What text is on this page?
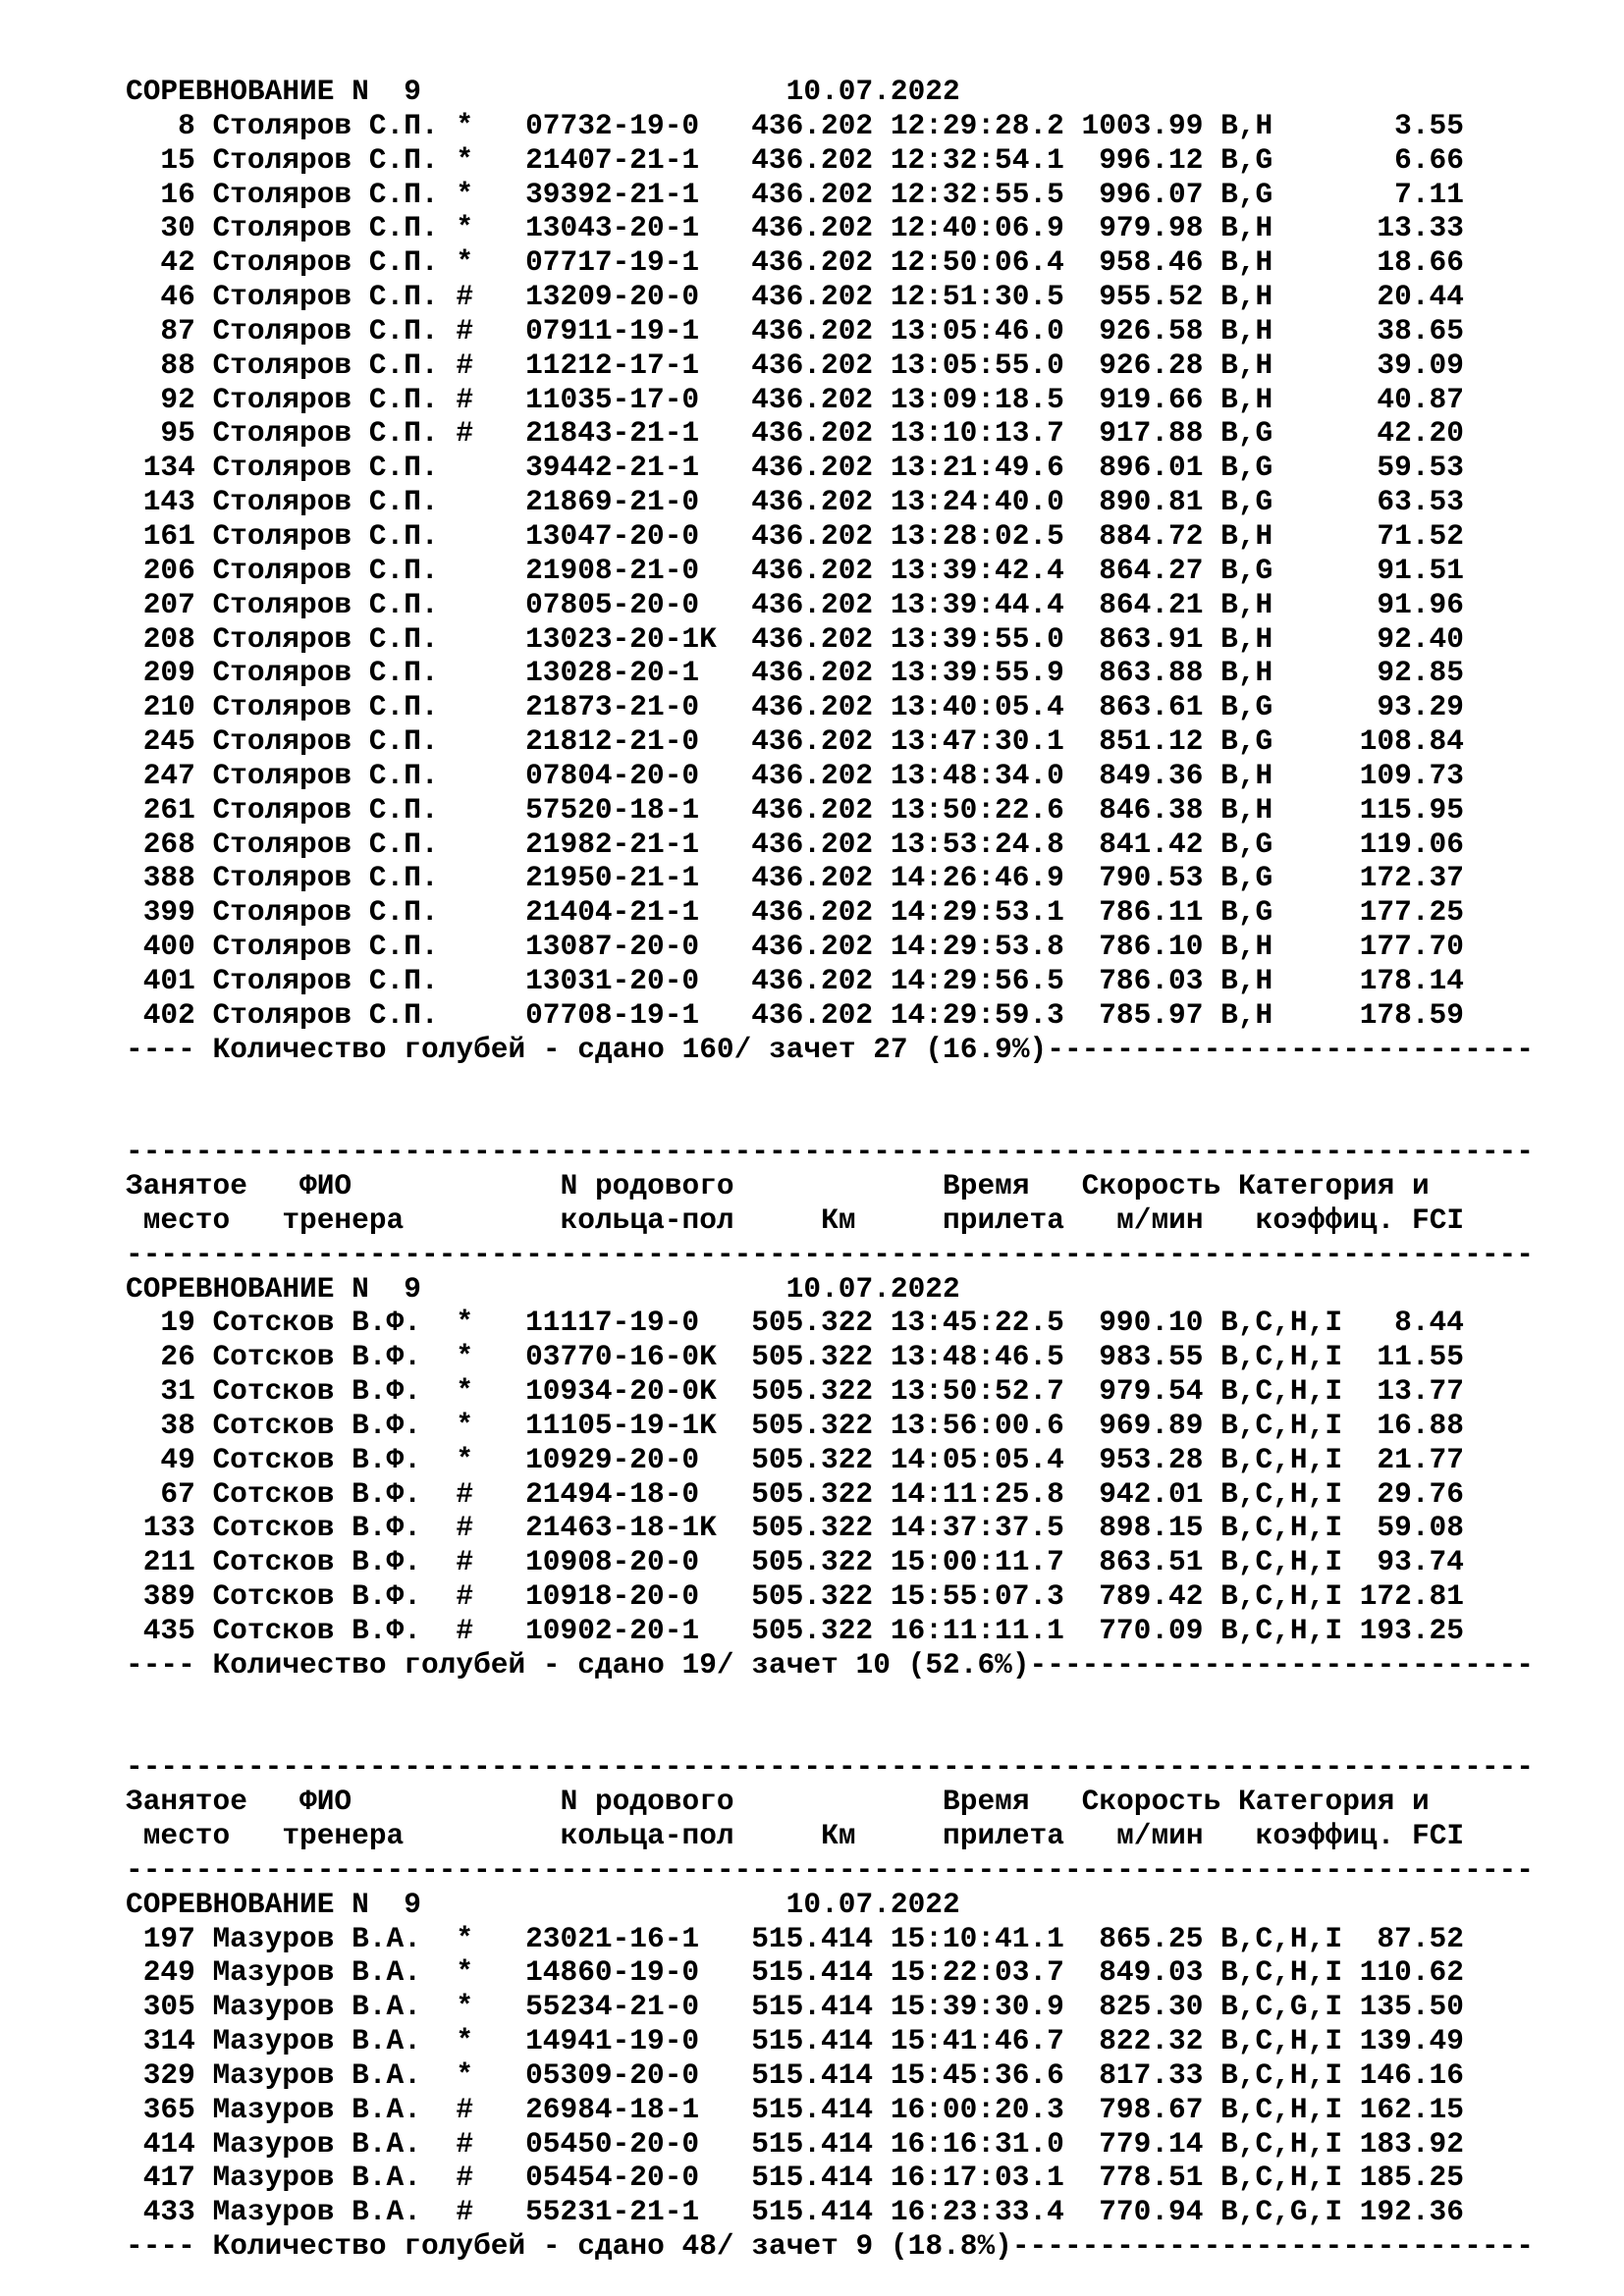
СОРЕВНОВАНИЕ N	9	10.07.2022
8 Столяров С.П. *	07732-19-0	436.202 12:29:28.2 1003.99 B,H	3.55
15 Столяров С.П. *	21407-21-1	436.202 12:32:54.1	996.12 B,G	6.66
16 Столяров С.П. *	39392-21-1	436.202 12:32:55.5	996.07 B,G	7.11
30 Столяров С.П. *	13043-20-1	436.202 12:40:06.9	979.98 B,H	13.33
42 Столяров С.П. *	07717-19-1	436.202 12:50:06.4	958.46 B,H	18.66
46 Столяров С.П. #	13209-20-0	436.202 12:51:30.5	955.52 B,H	20.44
87 Столяров С.П. #	07911-19-1	436.202 13:05:46.0	926.58 B,H	38.65
88 Столяров С.П. #	11212-17-1	436.202 13:05:55.0	926.28 B,H	39.09
92 Столяров С.П. #	11035-17-0	436.202 13:09:18.5	919.66 B,H	40.87
95 Столяров С.П. #	21843-21-1	436.202 13:10:13.7	917.88 B,G	42.20
134 Столяров С.П.	39442-21-1	436.202 13:21:49.6	896.01 B,G	59.53
143 Столяров С.П.	21869-21-0	436.202 13:24:40.0	890.81 B,G	63.53
161 Столяров С.П.	13047-20-0	436.202 13:28:02.5	884.72 B,H	71.52
206 Столяров С.П.	21908-21-0	436.202 13:39:42.4	864.27 B,G	91.51
207 Столяров С.П.	07805-20-0	436.202 13:39:44.4	864.21 B,H	91.96
208 Столяров С.П.	13023-20-1K	436.202 13:39:55.0	863.91 B,H	92.40
209 Столяров С.П.	13028-20-1	436.202 13:39:55.9	863.88 B,H	92.85
210 Столяров С.П.	21873-21-0	436.202 13:40:05.4	863.61 B,G	93.29
245 Столяров С.П.	21812-21-0	436.202 13:47:30.1	851.12 B,G	108.84
247 Столяров С.П.	07804-20-0	436.202 13:48:34.0	849.36 B,H	109.73
261 Столяров С.П.	57520-18-1	436.202 13:50:22.6	846.38 B,H	115.95
268 Столяров С.П.	21982-21-1	436.202 13:53:24.8	841.42 B,G	119.06
388 Столяров С.П.	21950-21-1	436.202 14:26:46.9	790.53 B,G	172.37
399 Столяров С.П.	21404-21-1	436.202 14:29:53.1	786.11 B,G	177.25
400 Столяров С.П.	13087-20-0	436.202 14:29:53.8	786.10 B,H	177.70
401 Столяров С.П.	13031-20-0	436.202 14:29:56.5	786.03 B,H	178.14
402 Столяров С.П.	07708-19-1	436.202 14:29:59.3	785.97 B,H	178.59
---- Количество голубей - сдано 160/ зачет 27 (16.9%)----------------------------
---------------------------------------------------------------------------------
Занятое   ФИО            N родового            Время   Скорость Категория и
место   тренера         кольца-пол     Км     прилета   м/мин   коэффиц. FCI
---------------------------------------------------------------------------------
СОРЕВНОВАНИЕ N	9	10.07.2022
19 Сотсков В.Ф.	*	11117-19-0	505.322 13:45:22.5	990.10 B,C,H,I	8.44
26 Сотсков В.Ф.	*	03770-16-0K	505.322 13:48:46.5	983.55 B,C,H,I	11.55
31 Сотсков В.Ф.	*	10934-20-0K	505.322 13:50:52.7	979.54 B,C,H,I	13.77
38 Сотсков В.Ф.	*	11105-19-1K	505.322 13:56:00.6	969.89 B,C,H,I	16.88
49 Сотсков В.Ф.	*	10929-20-0	505.322 14:05:05.4	953.28 B,C,H,I	21.77
67 Сотсков В.Ф.	#	21494-18-0	505.322 14:11:25.8	942.01 B,C,H,I	29.76
133 Сотсков В.Ф.	#	21463-18-1K	505.322 14:37:37.5	898.15 B,C,H,I	59.08
211 Сотсков В.Ф.	#	10908-20-0	505.322 15:00:11.7	863.51 B,C,H,I	93.74
389 Сотсков В.Ф.	#	10918-20-0	505.322 15:55:07.3	789.42 B,C,H,I 172.81
435 Сотсков В.Ф.	#	10902-20-1	505.322 16:11:11.1	770.09 B,C,H,I 193.25
---- Количество голубей - сдано 19/ зачет 10 (52.6%)-----------------------------
---------------------------------------------------------------------------------
Занятое   ФИО            N родового            Время   Скорость Категория и
место   тренера         кольца-пол     Км     прилета   м/мин   коэффиц. FCI
---------------------------------------------------------------------------------
СОРЕВНОВАНИЕ N	9	10.07.2022
197 Мазуров В.А.	*	23021-16-1	515.414 15:10:41.1	865.25 B,C,H,I	87.52
249 Мазуров В.А.	*	14860-19-0	515.414 15:22:03.7	849.03 B,C,H,I 110.62
305 Мазуров В.А.	*	55234-21-0	515.414 15:39:30.9	825.30 B,C,G,I 135.50
314 Мазуров В.А.	*	14941-19-0	515.414 15:41:46.7	822.32 B,C,H,I 139.49
329 Мазуров В.А.	*	05309-20-0	515.414 15:45:36.6	817.33 B,C,H,I 146.16
365 Мазуров В.А.	#	26984-18-1	515.414 16:00:20.3	798.67 B,C,H,I 162.15
414 Мазуров В.А.	#	05450-20-0	515.414 16:16:31.0	779.14 B,C,H,I 183.92
417 Мазуров В.А.	#	05454-20-0	515.414 16:17:03.1	778.51 B,C,H,I 185.25
433 Мазуров В.А.	#	55231-21-1	515.414 16:23:33.4	770.94 B,C,G,I 192.36
---- Количество голубей - сдано 48/ зачет 9 (18.8%)------------------------------
